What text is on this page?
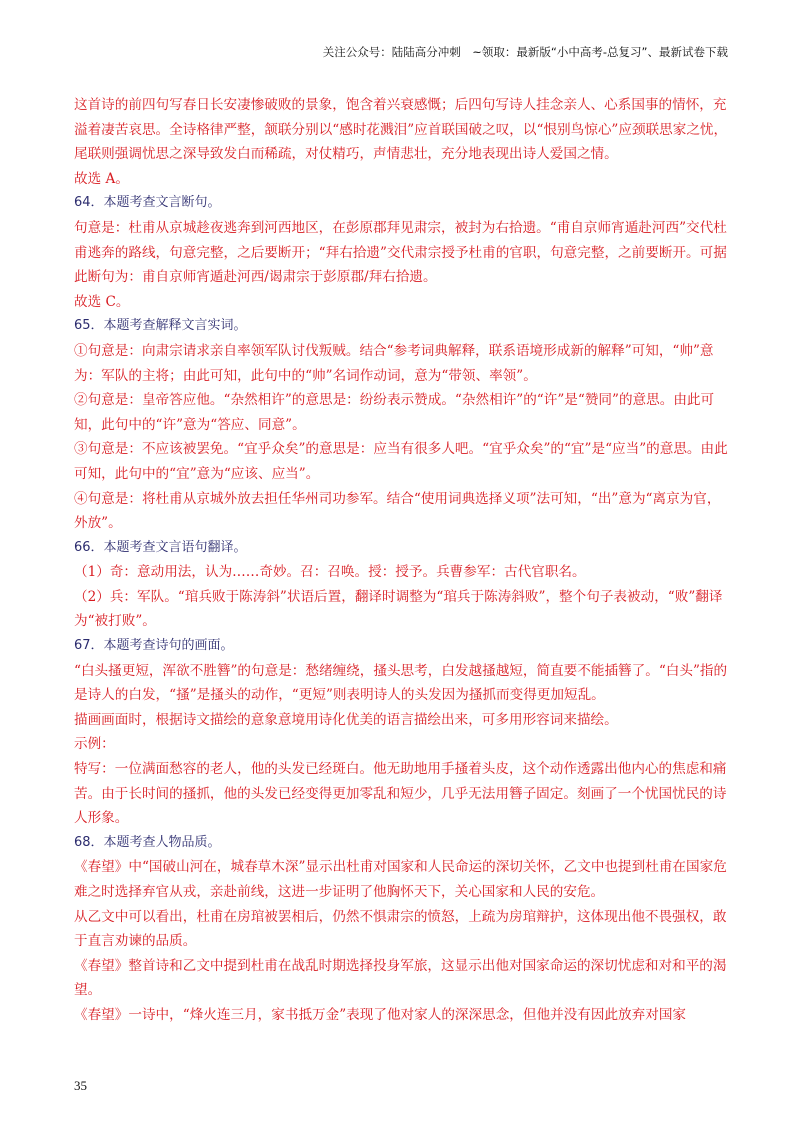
关注公众号：陆陆高分冲刺　~领取：最新版“小中高考-总复习”、最新试卷下载

这首诗的前四句写春日长安凄惨破败的景象，饱含着兴衰感慨；后四句写诗人挂念亲人、心系国事的情怀，充溢着凄苦哀思。全诗格律严整，颔联分别以“感时花溅泪”应首联国破之叹，以“恨别鸟惊心”应颈联思家之忧，尾联则强调忧思之深导致发白而稀疏，对仗精巧，声情悲壮，充分地表现出诗人爱国之情。

故选 A。

64．本题考查文言断句。

句意是：杜甫从京城趁夜逃奔到河西地区，在彭原郡拜见肃宗，被封为右拾遗。“甫自京师宵遁赴河西”交代杜甫逃奔的路线，句意完整，之后要断开；“拜右拾遗”交代肃宗授予杜甫的官职，句意完整，之前要断开。可据此断句为：甫自京师宵遁赴河西/谒肃宗于彭原郡/拜右拾遗。

故选 C。

65．本题考查解释文言实词。

①句意是：向肃宗请求亲自率领军队讨伐叛贼。结合“参考词典解释，联系语境形成新的解释”可知，“帅”意为：军队的主将；由此可知，此句中的“帅”名词作动词，意为“带领、率领”。

②句意是：皇帝答应他。“杂然相许”的意思是：纷纷表示赞成。“杂然相许”的“许”是“赞同”的意思。由此可知，此句中的“许”意为“答应、同意”。

③句意是：不应该被罢免。“宜乎众矣”的意思是：应当有很多人吧。“宜乎众矣”的“宜”是“应当”的意思。由此可知，此句中的“宜”意为“应该、应当”。

④句意是：将杜甫从京城外放去担任华州司功参军。结合“使用词典选择义项”法可知，“出”意为“离京为官，外放”。

66．本题考查文言语句翻译。

（1）奇：意动用法，认为……奇妙。召：召唤。授：授予。兵曹参军：古代官职名。

（2）兵：军队。“琯兵败于陈涛斜”状语后置，翻译时调整为“琯兵于陈涛斜败”，整个句子表被动，“败”翻译为“被打败”。

67．本题考查诗句的画面。

“白头搔更短，浑欲不胜簪”的句意是：愁绪缠绕，搔头思考，白发越搔越短，简直要不能插簪了。“白头”指的是诗人的白发，“搔”是搔头的动作，“更短”则表明诗人的头发因为搔抓而变得更加短乱。

描画画面时，根据诗文描绘的意象意境用诗化优美的语言描绘出来，可多用形容词来描绘。

示例：

特写：一位满面愁容的老人，他的头发已经斑白。他无助地用手搔着头皮，这个动作透露出他内心的焦虑和痛苦。由于长时间的搔抓，他的头发已经变得更加零乱和短少，几乎无法用簪子固定。刻画了一个忧国忧民的诗人形象。

68．本题考查人物品质。

《春望》中“国破山河在，城春草木深”显示出杜甫对国家和人民命运的深切关怀，乙文中也提到杜甫在国家危难之时选择弃官从戎，亲赴前线，这进一步证明了他胸怀天下，关心国家和人民的安危。

从乙文中可以看出，杜甫在房琯被罢相后，仍然不惧肃宗的愤怒，上疏为房琯辩护，这体现出他不畏强权，敢于直言劝谏的品质。

《春望》整首诗和乙文中提到杜甫在战乱时期选择投身军旅，这显示出他对国家命运的深切忧虑和对和平的渴望。

《春望》一诗中，“烽火连三月，家书抵万金”表现了他对家人的深深思念，但他并没有因此放弃对国家

35
